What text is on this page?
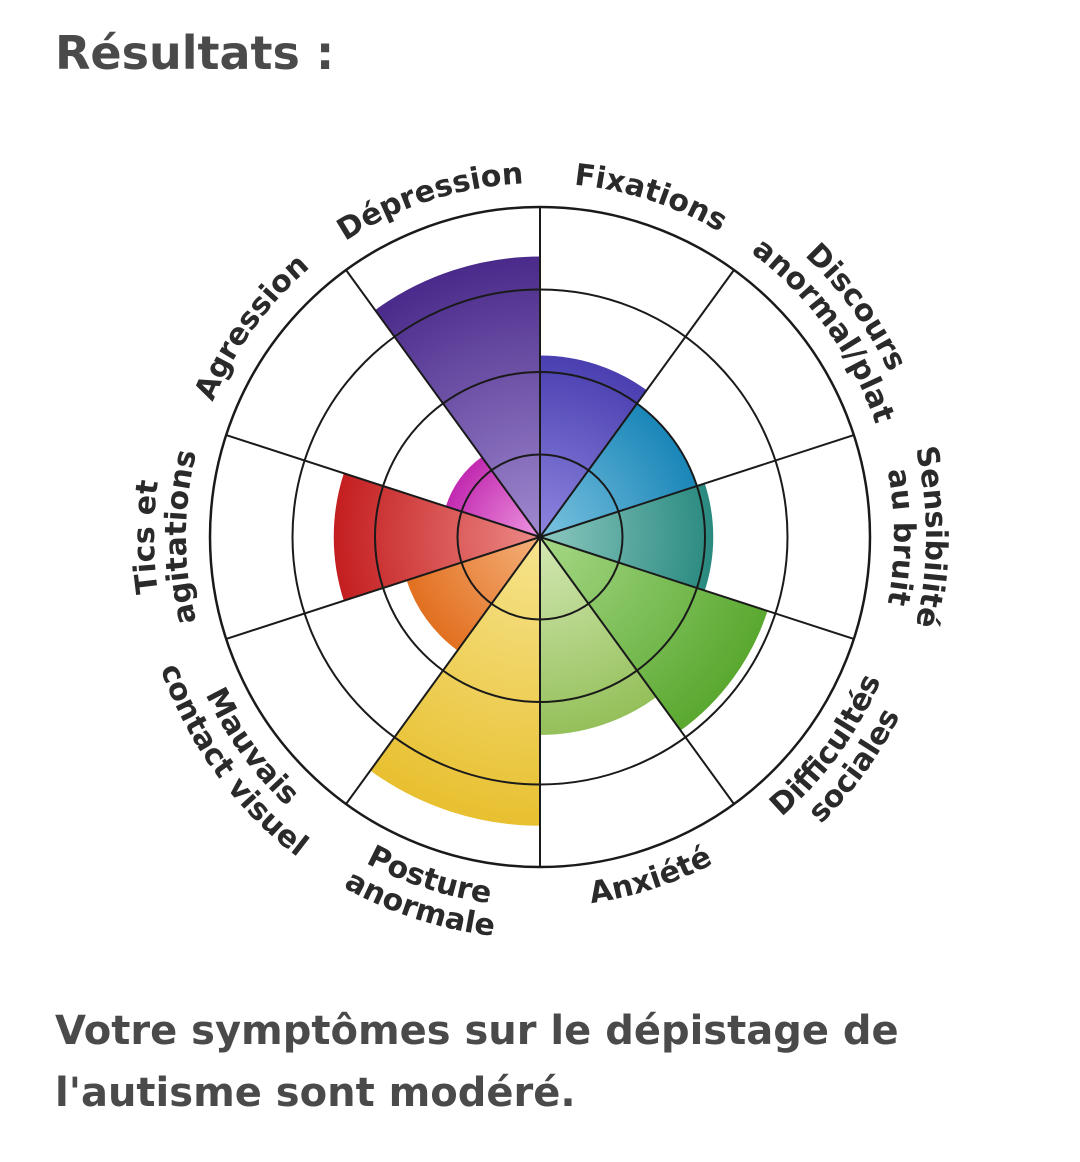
Résultats :
Fixations
Discours
anormal/plat
Sensibilité
au bruit
Difficultés
sociales
Anxiété
Posture
anormale
Mauvais
contact visuel
Tics et
agitations
Agression
Dépression

Votre symptômes sur le dépistage de l'autisme sont modéré.
